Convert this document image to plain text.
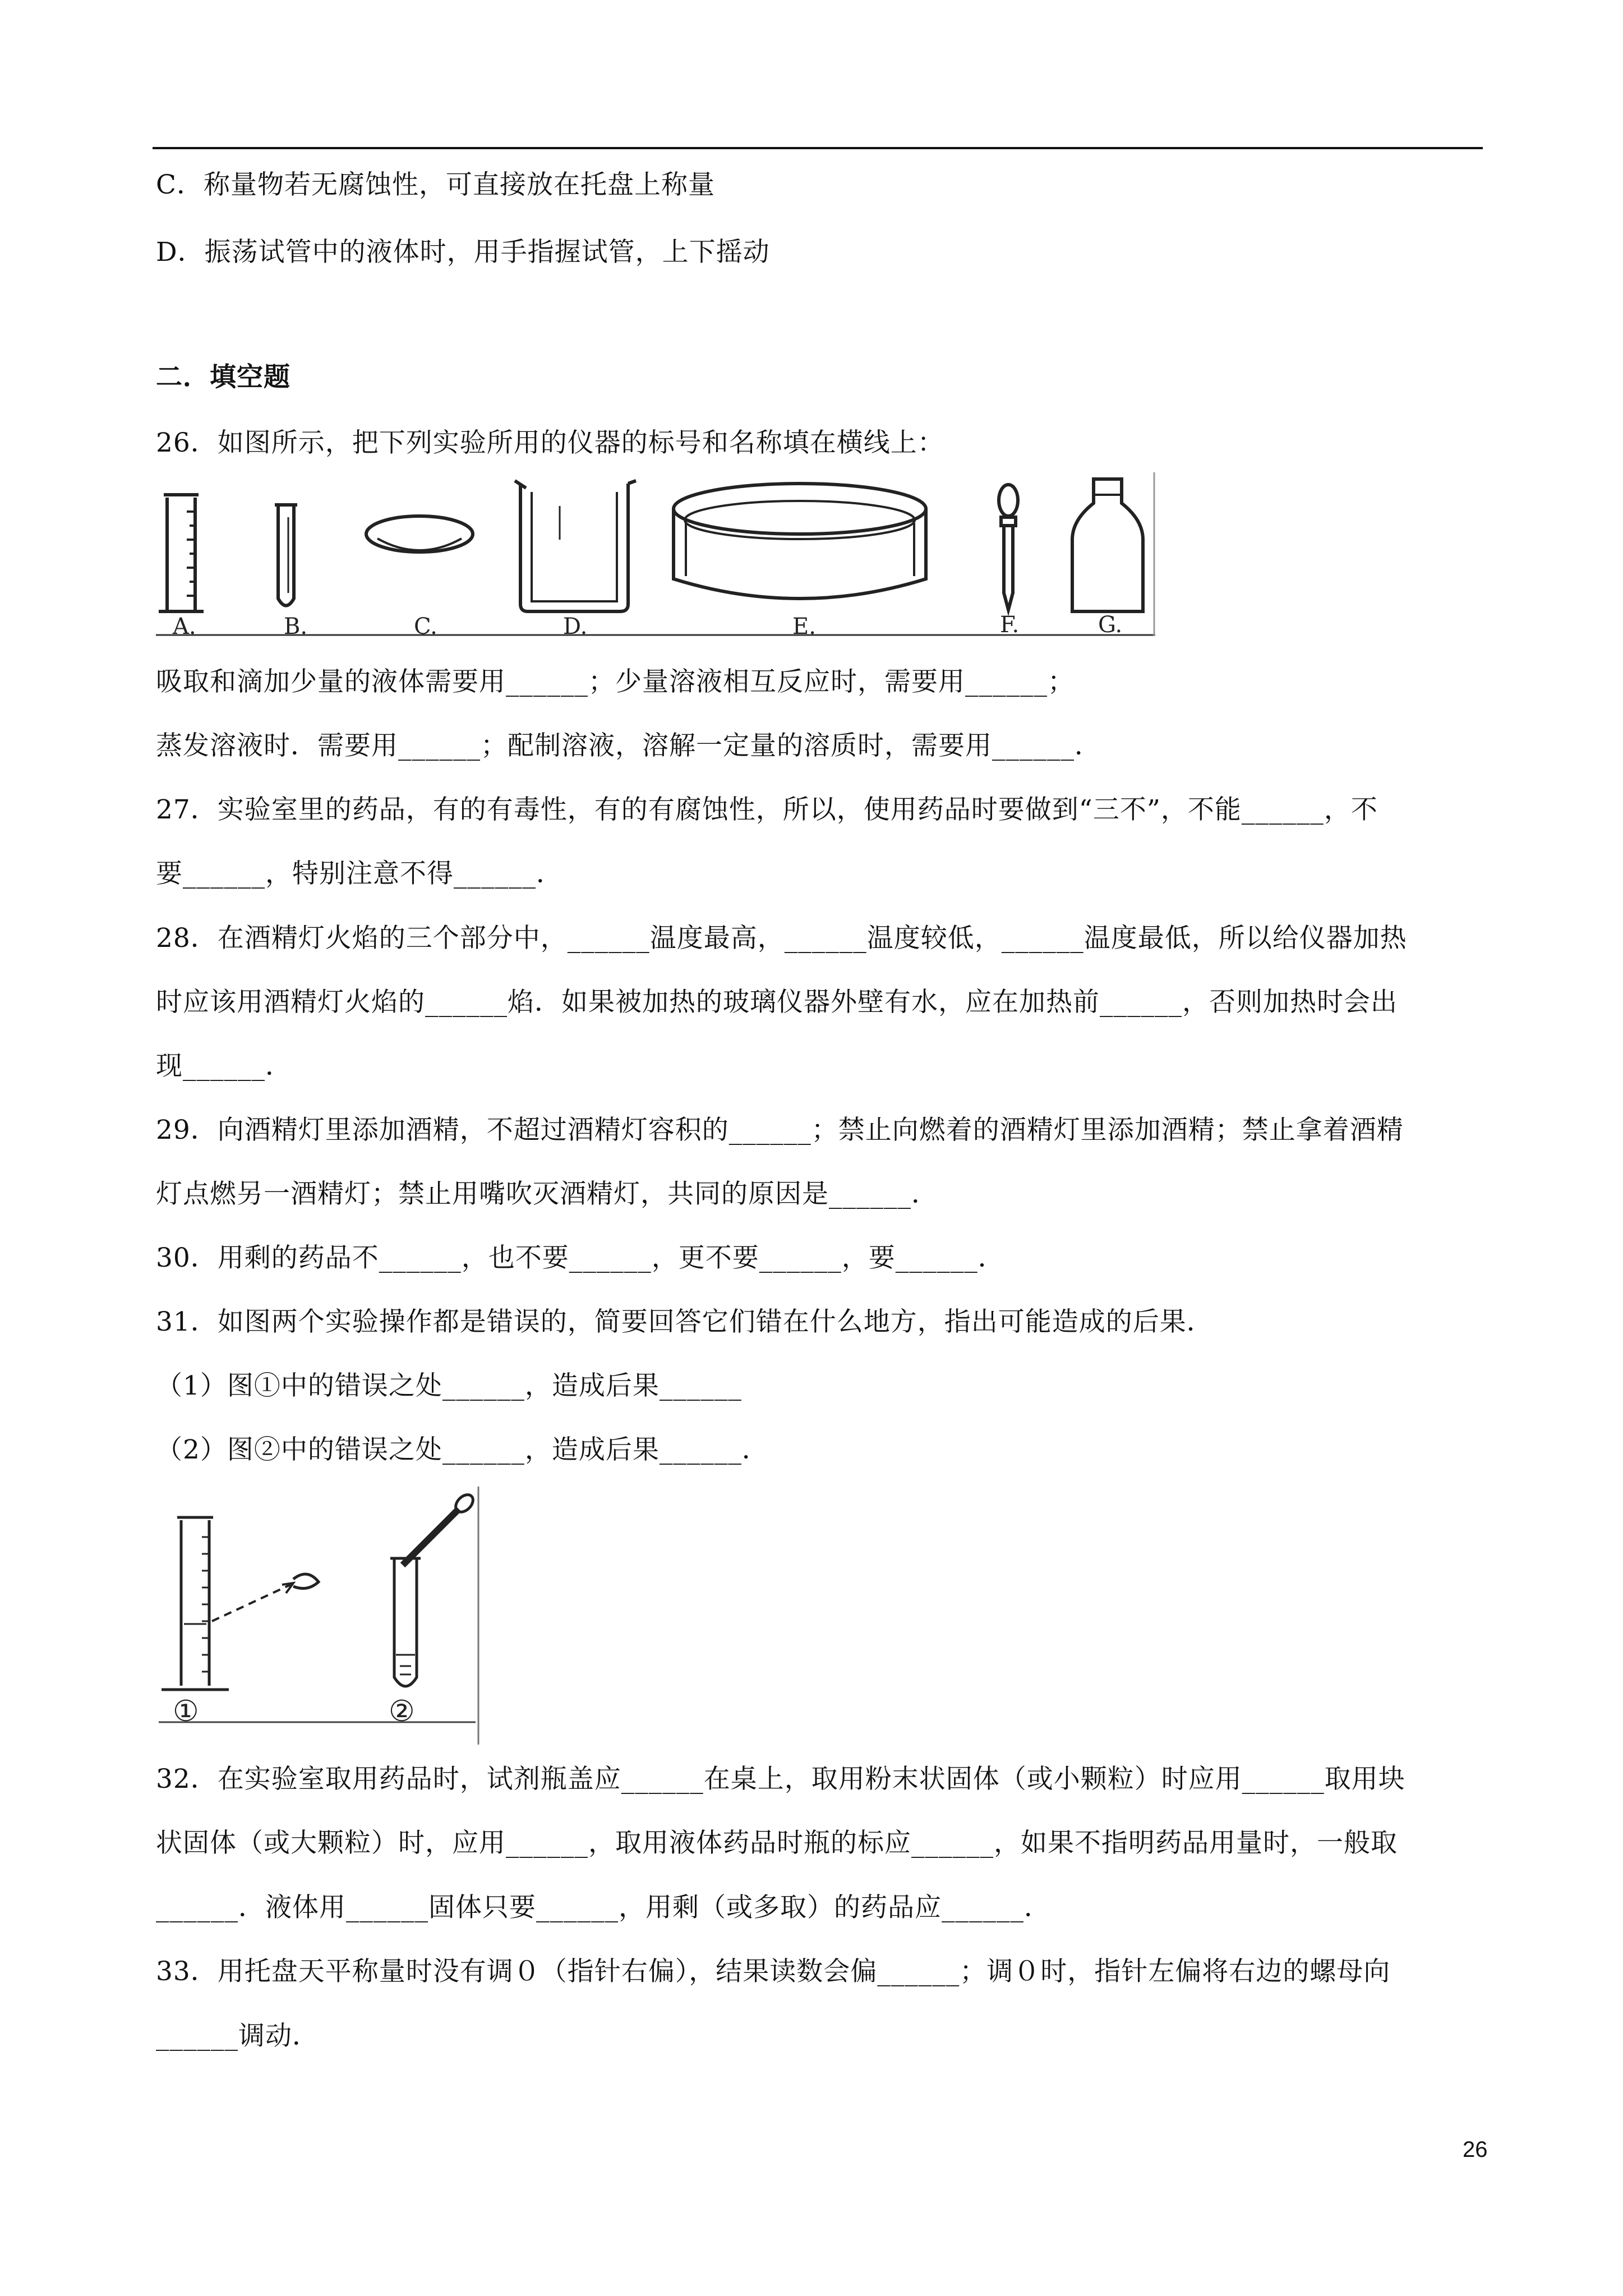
C．称量物若无腐蚀性，可直接放在托盘上称量
D．振荡试管中的液体时，用手指握试管，上下摇动
二．填空题
26．如图所示，把下列实验所用的仪器的标号和名称填在横线上：
A.	B.	C.	D.	E.	F.	G.
吸取和滴加少量的液体需要用______；少量溶液相互反应时，需要用______；
蒸发溶液时．需要用______；配制溶液，溶解一定量的溶质时，需要用______．
27．实验室里的药品，有的有毒性，有的有腐蚀性，所以，使用药品时要做到“三不”，不能______，不
要______，特别注意不得______．
28．在酒精灯火焰的三个部分中，______温度最高，______温度较低，______温度最低，所以给仪器加热
时应该用酒精灯火焰的______焰．如果被加热的玻璃仪器外壁有水，应在加热前______，否则加热时会出
现______．
29．向酒精灯里添加酒精，不超过酒精灯容积的______；禁止向燃着的酒精灯里添加酒精；禁止拿着酒精
灯点燃另一酒精灯；禁止用嘴吹灭酒精灯，共同的原因是______．
30．用剩的药品不______，也不要______，更不要______，要______．
31．如图两个实验操作都是错误的，简要回答它们错在什么地方，指出可能造成的后果．
（1）图①中的错误之处______，造成后果______
（2）图②中的错误之处______，造成后果______．
①	②
32．在实验室取用药品时，试剂瓶盖应______在桌上，取用粉末状固体（或小颗粒）时应用______取用块
状固体（或大颗粒）时，应用______，取用液体药品时瓶的标应______，如果不指明药品用量时，一般取
______．液体用______固体只要______，用剩（或多取）的药品应______．
33．用托盘天平称量时没有调０（指针右偏），结果读数会偏______；调０时，指针左偏将右边的螺母向
______调动．
26
